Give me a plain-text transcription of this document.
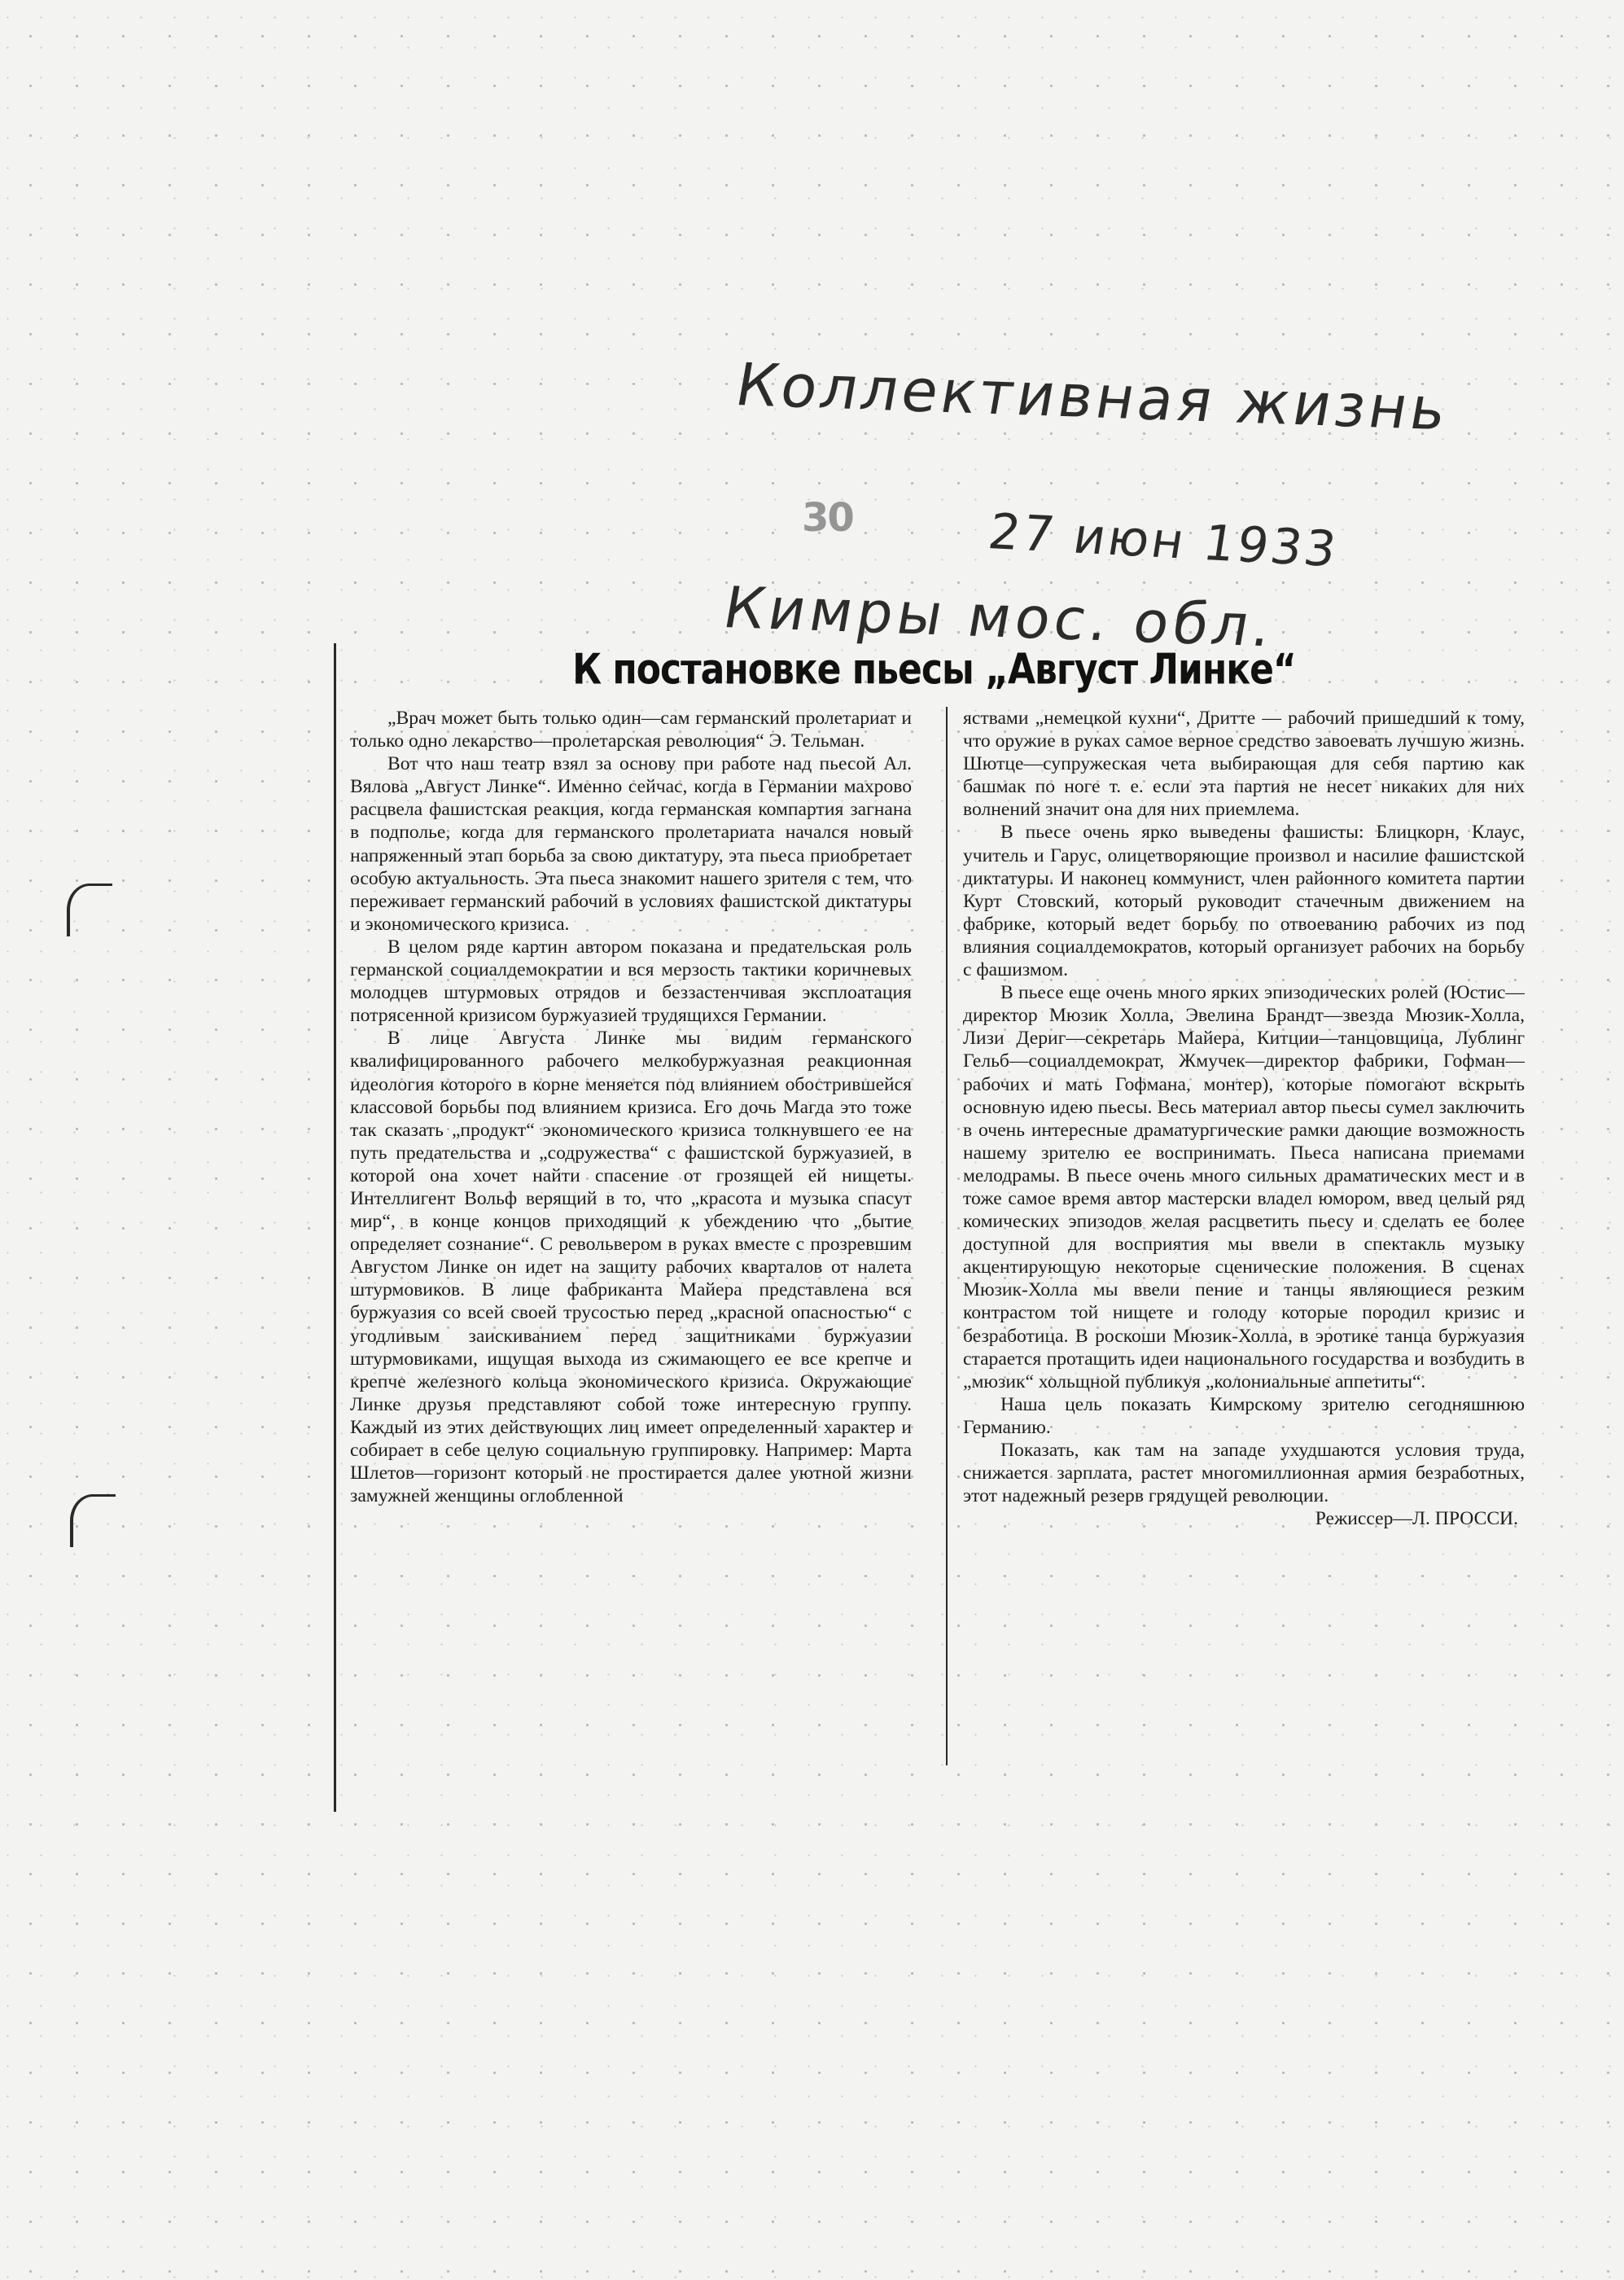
Коллективная жизнь
30	27 июн 1933
Кимры мос. обл.
К постановке пьесы „Август Линке“

„Врач может быть только один—сам германский пролетариат и только одно лекарство—пролетарская революция“ Э. Тельман.

Вот что наш театр взял за основу при работе над пьесой Ал. Вялова „Август Линке“. Именно сейчас, когда в Германии махрово расцвела фашистская реакция, когда германская компартия загнана в подполье, когда для германского пролетариата начался новый напряженный этап борьба за свою диктатуру, эта пьеса приобретает особую актуальность. Эта пьеса знакомит нашего зрителя с тем, что переживает германский рабочий в условиях фашистской диктатуры и экономического кризиса.

В целом ряде картин автором показана и предательская роль германской социалдемократии и вся мерзость тактики коричневых молодцев штурмовых отрядов и беззастенчивая эксплоатация потрясенной кризисом буржуазией трудящихся Германии.

В лице Августа Линке мы видим германского квалифицированного рабочего мелкобуржуазная реакционная идеология которого в корне меняется под влиянием обострившейся классовой борьбы под влиянием кризиса. Его дочь Магда это тоже так сказать „продукт“ экономического кризиса толкнувшего ее на путь предательства и „содружества“ с фашистской буржуазией, в которой она хочет найти спасение от грозящей ей нищеты. Интеллигент Вольф верящий в то, что „красота и музыка спасут мир“, в конце концов приходящий к убеждению что „бытие определяет сознание“. С револьвером в руках вместе с прозревшим Августом Линке он идет на защиту рабочих кварталов от налета штурмовиков. В лице фабриканта Майера представлена вся буржуазия со всей своей трусостью перед „красной опасностью“ с угодливым заискиванием перед защитниками буржуазии штурмовиками, ищущая выхода из сжимающего ее все крепче и крепче железного кольца экономического кризиса. Окружающие Линке друзья представляют собой тоже интересную группу. Каждый из этих действующих лиц имеет определенный характер и собирает в себе целую социальную группировку. Например: Марта Шлетов—горизонт который не простирается далее уютной жизни замужней женщины оглобленной

яствами „немецкой кухни“, Дритте — рабочий пришедший к тому, что оружие в руках самое верное средство завоевать лучшую жизнь. Шютце—супружеская чета выбирающая для себя партию как башмак по ноге т. е. если эта партия не несет никаких для них волнений значит она для них приемлема.

В пьесе очень ярко выведены фашисты: Блицкорн, Клаус, учитель и Гарус, олицетворяющие произвол и насилие фашистской диктатуры. И наконец коммунист, член районного комитета партии Курт Стовский, который руководит стачечным движением на фабрике, который ведет борьбу по отвоеванию рабочих из под влияния социалдемократов, который организует рабочих на борьбу с фашизмом.

В пьесе еще очень много ярких эпизодических ролей (Юстис—директор Мюзик Холла, Эвелина Брандт—звезда Мюзик-Холла, Лизи Дериг—секретарь Майера, Китции—танцовщица, Лублинг Гельб—социалдемократ, Жмучек—директор фабрики, Гофман—рабочих и мать Гофмана, монтер), которые помогают вскрыть основную идею пьесы. Весь материал автор пьесы сумел заключить в очень интересные драматургические рамки дающие возможность нашему зрителю ее воспринимать. Пьеса написана приемами мелодрамы. В пьесе очень много сильных драматических мест и в тоже самое время автор мастерски владел юмором, введ целый ряд комических эпизодов желая расцветить пьесу и сделать ее более доступной для восприятия мы ввели в спектакль музыку акцентирующую некоторые сценические положения. В сценах Мюзик-Холла мы ввели пение и танцы являющиеся резким контрастом той нищете и голоду которые породил кризис и безработица. В роскоши Мюзик-Холла, в эротике танца буржуазия старается протащить идеи национального государства и возбудить в „мюзик“ хольщной публикуя „колониальные аппетиты“.

Наша цель показать Кимрскому зрителю сегодняшнюю Германию.

Показать, как там на западе ухудшаются условия труда, снижается зарплата, растет многомиллионная армия безработных, этот надежный резерв грядущей революции.

Режиссер—Л. ПРОССИ.
